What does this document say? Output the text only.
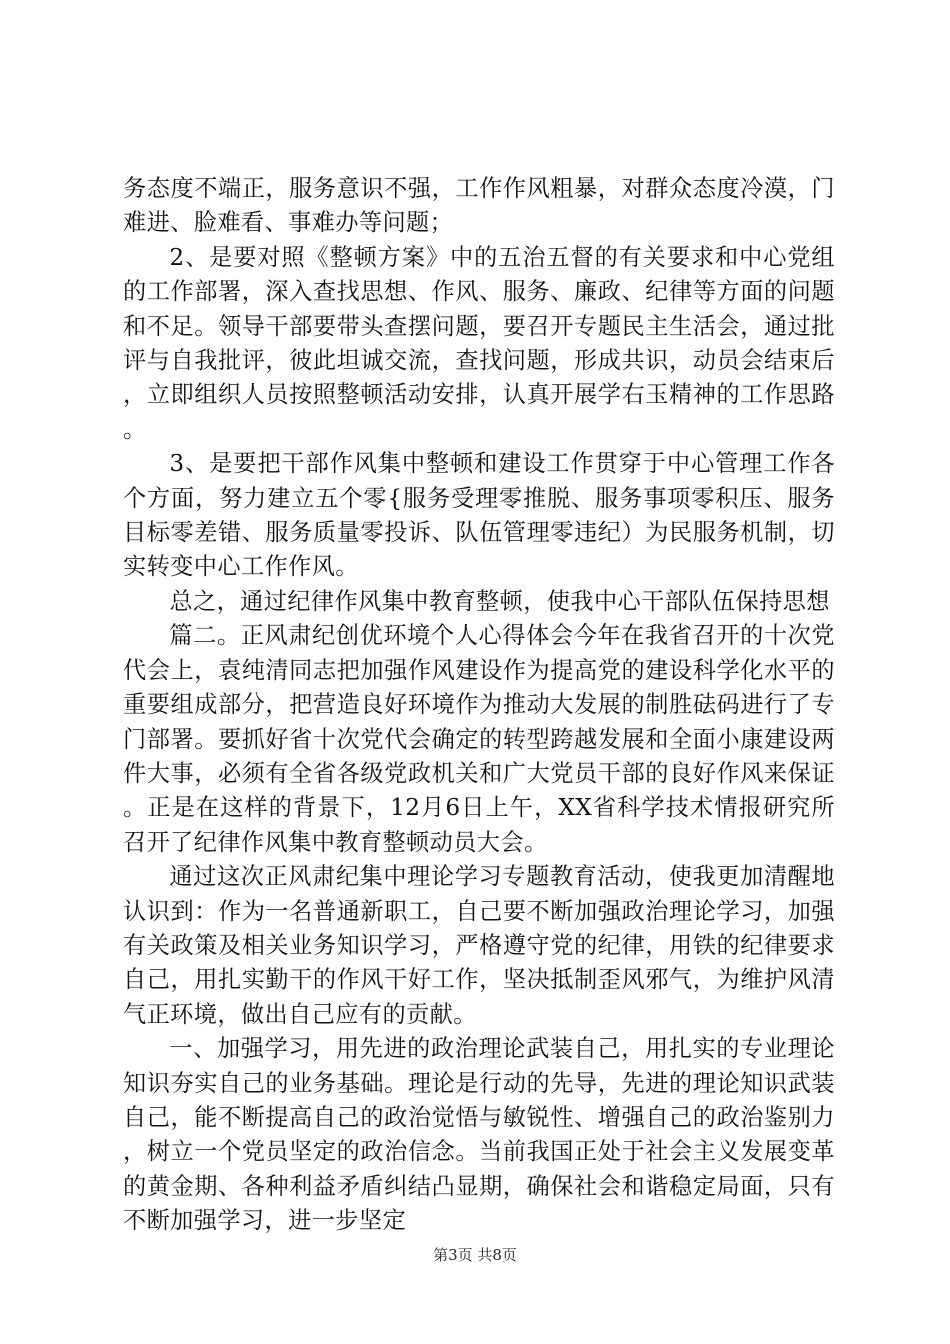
务态度不端正，服务意识不强，工作作风粗暴，对群众态度冷漠，门难进、脸难看、事难办等问题；

2、是要对照《整顿方案》中的五治五督的有关要求和中心党组的工作部署，深入查找思想、作风、服务、廉政、纪律等方面的问题和不足。领导干部要带头查摆问题，要召开专题民主生活会，通过批评与自我批评，彼此坦诚交流，查找问题，形成共识，动员会结束后，立即组织人员按照整顿活动安排，认真开展学右玉精神的工作思路。

3、是要把干部作风集中整顿和建设工作贯穿于中心管理工作各个方面，努力建立五个零{服务受理零推脱、服务事项零积压、服务目标零差错、服务质量零投诉、队伍管理零违纪）为民服务机制，切实转变中心工作作风。

总之，通过纪律作风集中教育整顿，使我中心干部队伍保持思想

篇二。正风肃纪创优环境个人心得体会今年在我省召开的十次党代会上，袁纯清同志把加强作风建设作为提高党的建设科学化水平的重要组成部分，把营造良好环境作为推动大发展的制胜砝码进行了专门部署。要抓好省十次党代会确定的转型跨越发展和全面小康建设两件大事，必须有全省各级党政机关和广大党员干部的良好作风来保证。正是在这样的背景下，12月6日上午，XX省科学技术情报研究所召开了纪律作风集中教育整顿动员大会。

通过这次正风肃纪集中理论学习专题教育活动，使我更加清醒地认识到：作为一名普通新职工，自己要不断加强政治理论学习，加强有关政策及相关业务知识学习，严格遵守党的纪律，用铁的纪律要求自己，用扎实勤干的作风干好工作，坚决抵制歪风邪气，为维护风清气正环境，做出自己应有的贡献。

一、加强学习，用先进的政治理论武装自己，用扎实的专业理论知识夯实自己的业务基础。理论是行动的先导，先进的理论知识武装自己，能不断提高自己的政治觉悟与敏锐性、增强自己的政治鉴别力，树立一个党员坚定的政治信念。当前我国正处于社会主义发展变革的黄金期、各种利益矛盾纠结凸显期，确保社会和谐稳定局面，只有不断加强学习，进一步坚定

第3页 共8页
